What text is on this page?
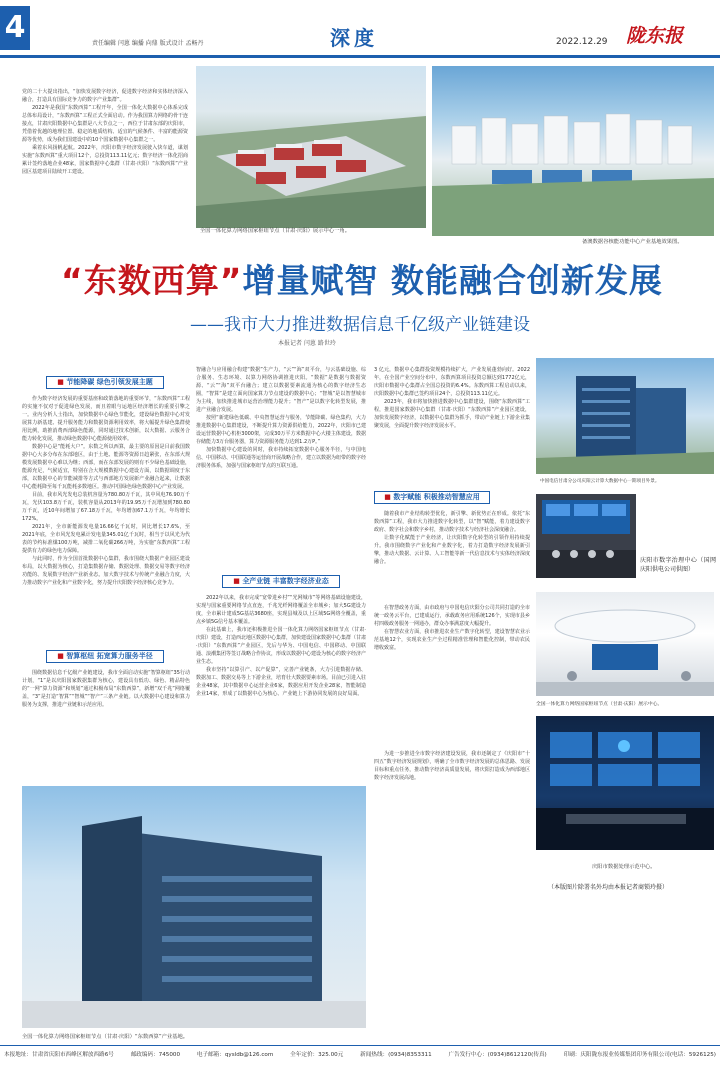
4	责任编辑 闫蒽 编播 向鼎 版式设计 孟畅丹	深度	2022.12.29 陇东报

党的二十大提出指出，“加快发展数字经济，促进数字经济和实体经济深入融合，打造具有国际竞争力的数字产业集群”。

2022年是我国“东数西算”工程开年，全国一体化大数据中心体系完成总体布局设计，“东数西算”工程正式全面启动。作为我国算力网络的骨干连接点，甘肃庆阳数据中心集群是八大节点之一，西位于甘肃东部的庆阳市，凭借着优越的地理位置、稳定的地质结构、适宜的气候条件、丰富的能源资源等优势，成为我们国建设中的10个国家数据中心集群之一。

乘着东风扬帆起航。2022年，庆阳市数字经济发展驶入快车道，谋划实施“东数西算”重大项目12个，总投资113.11亿元；数字经济一体化招商累计签约落地企业48家，国家数据中心集群（甘肃·庆阳）“东数西算”产业园区基建项目陆续开工建设。

全国一体化算力网络国家枢纽节点（甘肃·庆阳）展示中心一角。
备澳数据谷核能功能中心产业基地效果图。
“东数西算”增量赋智 数能融合创新发展
——我市大力推进数据信息千亿级产业链建设
本报记者 闫蒽 路世玲
■ 节能降碳 绿色引领发展主题

作为数字经济发展的重要基座和政策落地的重要环节，“东数西算”工程的实施不仅对于促进绿色发展，而且着眼与运地区经济增长的重要引擎之一。业内分析人士指出，加快数据中心绿色节能化，建设绿色数据中心对发展算力新基建、提升服务能力和数据资源利用效率，将大幅提升绿色集群使用比例，助推消费西部绿色能源，同时通过技术创新，以大数据、云服务合能力转化发展，推动绿色数据中心能源使用效率。

数据中心是“能耗大户”。东数之所以西算，最主要的原因是目前我国数据中心大多分布在东部地区，由于土地、能源等资源日趋紧张，在东部大规模发展数据中心难以为继；西部，而在东部发展的则有不少绿色基础设施，能源充足，气候适宜，特别在合大规模数据中心建设方面，以数据调度于东部，以数据中心的节能减排等方式与西部地方发展新产业融合起来，让数据中心能耗降至每千瓦能耗多数地区。推动中国绿色绿色数据中心产业发展。

目前，我市风光发电总装机容量为780.80万千瓦，其中风电76.90万千瓦，光伏103.8万千瓦，装机容量从2013年的19.95万千瓦增加到780.80万千瓦，近10年间增加了67.18万千瓦，年均增加67.1万千瓦，年均增长172%。

2021年，全市新能源发电量16.66亿千瓦时，同比增长17.6%，至2021年底，全市风光发电累计发电量345.01亿千瓦时，相当于以风光为代表的节约标准煤100万吨，减排二氧化碳266万吨，为实施“东数西算”工程提供有力的绿色电力保障。

与此同时，作为全国首批数据中心集群，我市围绕大数据产业园区建设布局，以大数据为核心，打造集数据存储、数据处理、数据交易等数字经济功能的、发展数字经济产业新业态。加大数字技术与传统产业融合力度，大力推动数字产业化和产业数字化，努力提升庆阳数字经济核心竞争力。

■ 智算枢纽 拓宽算力服务半径

围绕数据信息千亿级产业链建设，我市全面启动实施“智算枢纽”35行动计划，“1”是以庆阳国家数据集群为核心，建设具有低功、绿色、精品特色的“一网”算力资源“和规划”通过积极布局“东数西算”，新增“双千兆”网络覆盖，“3”是打造“智算”“智城”“智产”三条产业链。以大数据中心建设和算力服务为支撑，推进产业链和示范应用。

智融合与应用融合构建“数据”生产力，“云”“海”双平台，与云基础设施、综合服务、生态环境、以算力网络协调推进庆阳。“数据”是数据与数据资源、“云”“海”双平台融合；建立以数据要素流通为核心的数字经济生态圈，“智算”是建立面向国家算力节点建设的数据中心；“智城”是以智慧城市为主线，加快推进城市运营治理能力提升；“智产”是以数字化转型发展，推进产业融合发展。

按照“新建绿色低碳、中央智慧运营与服务，节能降碳、绿色集约，大力推进数据中心集群建设，不断提升算力资源供给能力，2022年，庆阳市已建设运营数据中心机柜3000架，完成30万平方米数据中心大楼主体建设，数据存储能力3万台服务器，算力资源服务能力达到1.2万P。”

加快数据中心建设的同时，我市持续拓宽数据中心服务半径，与中国电信、中国移动、中国联通等运营商开展战略合作，建立以数据为纽带的数字经济服务体系，加强与国家枢纽节点的互联互通。

■ 全产业链 丰富数字经济业态

2022年以来，我市完成“宽带进乡村”“光网城市”等网络基础设施建设，实现与国家重要网络节点直连，千兆光纤网络覆盖全市城乡；加大5G建设力度，全市累计建成5G基站3680座，实现县城及以上区域5G网络全覆盖，重点乡镇5G信号基本覆盖。

在此基础上，我市还积极推进全国一体化算力网络国家枢纽节点（甘肃·庆阳）建设，打造西北地区数据中心集群，加快建设国家数据中心集群（甘肃·庆阳）“东数西算”产业园区，先后与华为、中国电信、中国移动、中国联通、浪潮集团等签订战略合作协议，形成以数据中心建设为核心的数字经济产业生态。

我市坚持“以算引产、以产促算”，完善产业链条，大力引进数据存储、数据加工、数据交易等上下游企业，培育壮大数据要素市场。目前已引进入驻企业48家，其中数据中心运营企业6家，数据应用开发企业28家，智能制造企业14家，形成了以数据中心为核心、产业链上下游协同发展的良好局面。

全国一体化算力网络国家枢纽节点（甘肃·庆阳）“东数西算”产业基地。

3 亿元，数据中心集群投资规模持续扩大，产业发展蓬勃向好。2022年，在全国产业空间分布中，东数西算项目投资总额达到1772亿元，庆阳市数据中心集群占全国总投资的6.4%。东数西算工程启动以来，庆阳数据中心集群已签约项目24个，总投资113.11亿元。

2023年，我市将加快推进数据中心集群建设，围绕“东数西算”工程，推进国家数据中心集群（甘肃·庆阳）“东数西算”产业园区建设，加快发展数字经济，以数据中心集群为抓手，带动产业链上下游企业集聚发展，全面提升数字经济发展水平。

中国电信甘肃分公司庆阳云计算大数据中心一期项目外景。
■ 数字赋能 积极推动智慧应用

随着我市产业结构转型优化，新引擎、新优势正在形成。依托“东数西算”工程，我市大力推进数字化转型，以“智”赋能，着力建设数字政府、数字社会和数字乡村，推动数字技术与经济社会深度融合。

让数字化赋能于产业经济，让庆阳数字化转型的引领作用持续提升。我市围绕数字产业化和产业数字化，着力打造数字经济发展新引擎，推动大数据、云计算、人工智能等新一代信息技术与实体经济深度融合。	庆阳市数字治理中心（国网庆阳供电公司供图）

在智慧政务方面，由市政府与中国电信庆阳分公司共同打造的全市统一政务云平台，已建成运行，承载政务应用系统126个，实现市县乡村四级政务服务一网通办，群众办事满意度大幅提升。

在智慧农业方面，我市推进农业生产数字化转型，建设智慧农业示范基地12个，实现农业生产全过程精准管理和智能化控制，带动农民增收致富。

全国一体化算力网络国家枢纽节点（甘肃·庆阳）展示中心。

为进一步推进全市数字经济建设发展，我市还制定了《庆阳市“十四五”数字经济发展规划》，明确了全市数字经济发展的总体思路、发展目标和重点任务，推动数字经济高质量发展，将庆阳打造成为西部地区数字经济发展高地。

庆阳市数据处理示范中心。
（本版图片除署名外均由本报记者商锁玲摄）
本报地址：甘肃省庆阳市西峰区解放西路6号	邮政编码：745000	电子邮箱：qysldb@126.com	全年定价：325.00元	新闻热线：(0934)8353311	广告发行中心：(0934)8612120(传真)	印刷：庆阳陇东报业传媒集团印务有限公司(电话：5926125)
